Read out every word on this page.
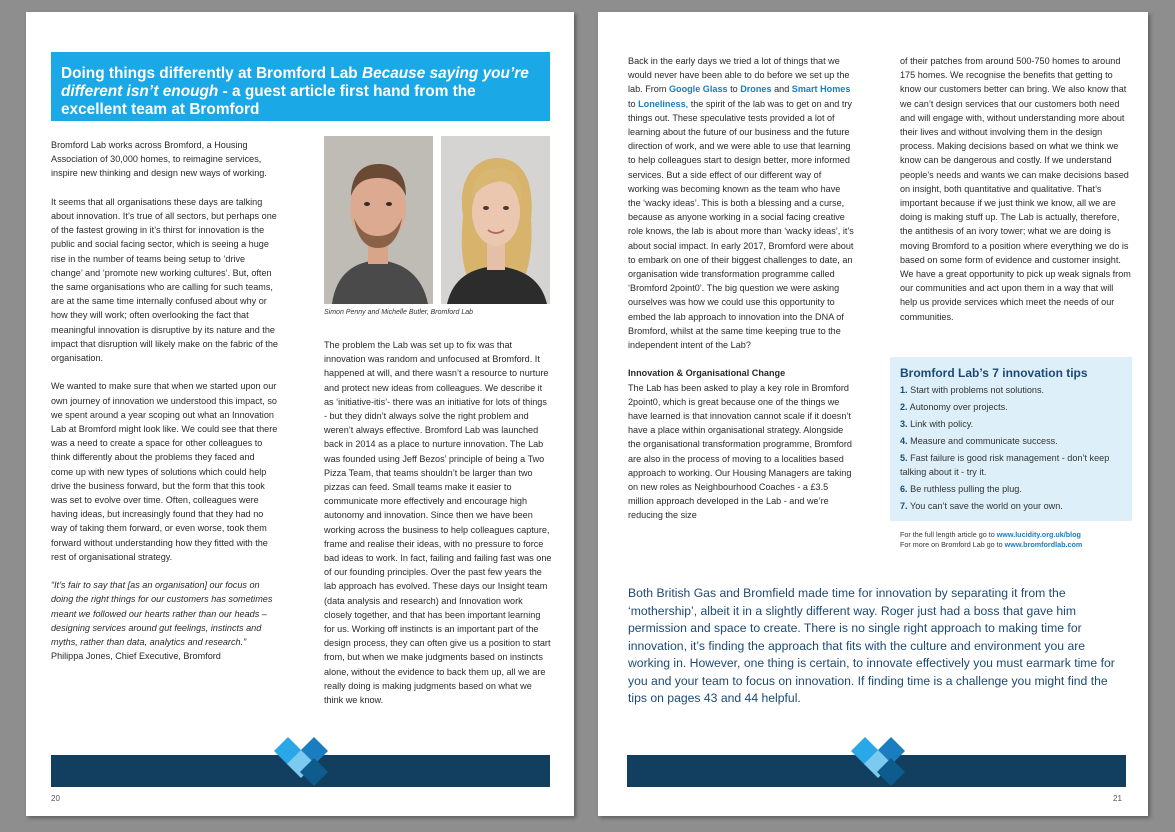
Doing things differently at Bromford Lab Because saying you’re different isn’t enough - a guest article first hand from the excellent team at Bromford

Bromford Lab works across Bromford, a Housing Association of 30,000 homes, to reimagine services, inspire new thinking and design new ways of working.

It seems that all organisations these days are talking about innovation. It’s true of all sectors, but perhaps one of the fastest growing in it’s thirst for innovation is the public and social facing sector, which is seeing a huge rise in the number of teams being setup to ‘drive change’ and ‘promote new working cultures’. But, often the same organisations who are calling for such teams, are at the same time internally confused about why or how they will work; often overlooking the fact that meaningful innovation is disruptive by its nature and the impact that disruption will likely make on the fabric of the organisation.

We wanted to make sure that when we started upon our own journey of innovation we understood this impact, so we spent around a year scoping out what an Innovation Lab at Bromford might look like. We could see that there was a need to create a space for other colleagues to think differently about the problems they faced and come up with new types of solutions which could help drive the business forward, but the form that this took was set to evolve over time. Often, colleagues were having ideas, but increasingly found that they had no way of taking them forward, or even worse, took them forward without understanding how they fitted with the rest of organisational strategy.

“It’s fair to say that [as an organisation] our focus on doing the right things for our customers has sometimes meant we followed our hearts rather than our heads – designing services around gut feelings, instincts and myths, rather than data, analytics and research.” Philippa Jones, Chief Executive, Bromford

Simon Penny and Michelle Butler, Bromford Lab

The problem the Lab was set up to fix was that innovation was random and unfocused at Bromford. It happened at will, and there wasn’t a resource to nurture and protect new ideas from colleagues. We describe it as ‘initiative-itis’- there was an initiative for lots of things - but they didn’t always solve the right problem and weren’t always effective. Bromford Lab was launched back in 2014 as a place to nurture innovation. The Lab was founded using Jeff Bezos’ principle of being a Two Pizza Team, that teams shouldn’t be larger than two pizzas can feed. Small teams make it easier to communicate more effectively and encourage high autonomy and innovation. Since then we have been working across the business to help colleagues capture, frame and realise their ideas, with no pressure to force bad ideas to work. In fact, failing and failing fast was one of our founding principles. Over the past few years the lab approach has evolved. These days our Insight team (data analysis and research) and Innovation work closely together, and that has been important learning for us. Working off instincts is an important part of the design process, they can often give us a position to start from, but when we make judgments based on instincts alone, without the evidence to back them up, all we are really doing is making judgments based on what we think we know.

20

Back in the early days we tried a lot of things that we would never have been able to do before we set up the lab. From Google Glass to Drones and Smart Homes to Loneliness, the spirit of the lab was to get on and try things out. These speculative tests provided a lot of learning about the future of our business and the future direction of work, and we were able to use that learning to help colleagues start to design better, more informed services. But a side effect of our different way of working was becoming known as the team who have the ‘wacky ideas’. This is both a blessing and a curse, because as anyone working in a social facing creative role knows, the lab is about more than ‘wacky ideas’, it’s about social impact. In early 2017, Bromford were about to embark on one of their biggest challenges to date, an organisation wide transformation programme called ‘Bromford 2point0’. The big question we were asking ourselves was how we could use this opportunity to embed the lab approach to innovation into the DNA of Bromford, whilst at the same time keeping true to the independent intent of the Lab?

Innovation & Organisational Change

The Lab has been asked to play a key role in Bromford 2point0, which is great because one of the things we have learned is that innovation cannot scale if it doesn’t have a place within organisational strategy. Alongside the organisational transformation programme, Bromford are also in the process of moving to a localities based approach to working. Our Housing Managers are taking on new roles as Neighbourhood Coaches - a £3.5 million approach developed in the Lab - and we’re reducing the size

of their patches from around 500-750 homes to around 175 homes. We recognise the benefits that getting to know our customers better can bring. We also know that we can’t design services that our customers both need and will engage with, without understanding more about their lives and without involving them in the design process. Making decisions based on what we think we know can be dangerous and costly. If we understand people’s needs and wants we can make decisions based on insight, both quantitative and qualitative. That’s important because if we just think we know, all we are doing is making stuff up. The Lab is actually, therefore, the antithesis of an ivory tower; what we are doing is moving Bromford to a position where everything we do is based on some form of evidence and customer insight. We have a great opportunity to pick up weak signals from our communities and act upon them in a way that will help us provide services which meet the needs of our communities.

Bromford Lab’s 7 innovation tips
1. Start with problems not solutions.
2. Autonomy over projects.
3. Link with policy.
4. Measure and communicate success.
5. Fast failure is good risk management - don’t keep talking about it - try it.
6. Be ruthless pulling the plug.
7. You can’t save the world on your own.
For the full length article go to www.lucidity.org.uk/blog
For more on Bromford Lab go to www.bromfordlab.com
Both British Gas and Bromfield made time for innovation by separating it from the ‘mothership’, albeit it in a slightly different way. Roger just had a boss that gave him permission and space to create. There is no single right approach to making time for innovation, it’s finding the approach that fits with the culture and environment you are working in. However, one thing is certain, to innovate effectively you must earmark time for you and your team to focus on innovation. If finding time is a challenge you might find the tips on pages 43 and 44 helpful.
21
